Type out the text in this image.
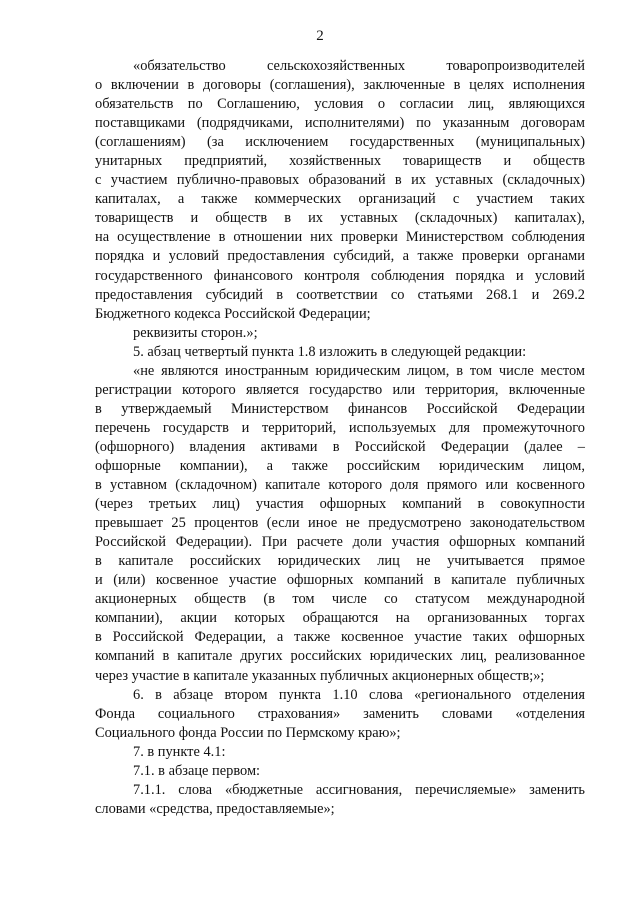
2

«обязательство сельскохозяйственных товаропроизводителей
о включении в договоры (соглашения), заключенные в целях исполнения
обязательств по Соглашению, условия о согласии лиц, являющихся
поставщиками (подрядчиками, исполнителями) по указанным договорам
(соглашениям) (за исключением государственных (муниципальных)
унитарных предприятий, хозяйственных товариществ и обществ
с участием публично-правовых образований в их уставных (складочных)
капиталах, а также коммерческих организаций с участием таких
товариществ и обществ в их уставных (складочных) капиталах),
на осуществление в отношении них проверки Министерством соблюдения
порядка и условий предоставления субсидий, а также проверки органами
государственного финансового контроля соблюдения порядка и условий
предоставления субсидий в соответствии со статьями 268.1 и 269.2
Бюджетного кодекса Российской Федерации;

реквизиты сторон.»;

5. абзац четвертый пункта 1.8 изложить в следующей редакции:

«не являются иностранным юридическим лицом, в том числе местом
регистрации которого является государство или территория, включенные
в утверждаемый Министерством финансов Российской Федерации
перечень государств и территорий, используемых для промежуточного
(офшорного) владения активами в Российской Федерации (далее –
офшорные компании), а также российским юридическим лицом,
в уставном (складочном) капитале которого доля прямого или косвенного
(через третьих лиц) участия офшорных компаний в совокупности
превышает 25 процентов (если иное не предусмотрено законодательством
Российской Федерации). При расчете доли участия офшорных компаний
в капитале российских юридических лиц не учитывается прямое
и (или) косвенное участие офшорных компаний в капитале публичных
акционерных обществ (в том числе со статусом международной
компании), акции которых обращаются на организованных торгах
в Российской Федерации, а также косвенное участие таких офшорных
компаний в капитале других российских юридических лиц, реализованное
через участие в капитале указанных публичных акционерных обществ;»;

6. в абзаце втором пункта 1.10 слова «регионального отделения
Фонда социального страхования» заменить словами «отделения
Социального фонда России по Пермскому краю»;

7. в пункте 4.1:

7.1. в абзаце первом:

7.1.1. слова «бюджетные ассигнования, перечисляемые» заменить
словами «средства, предоставляемые»;
